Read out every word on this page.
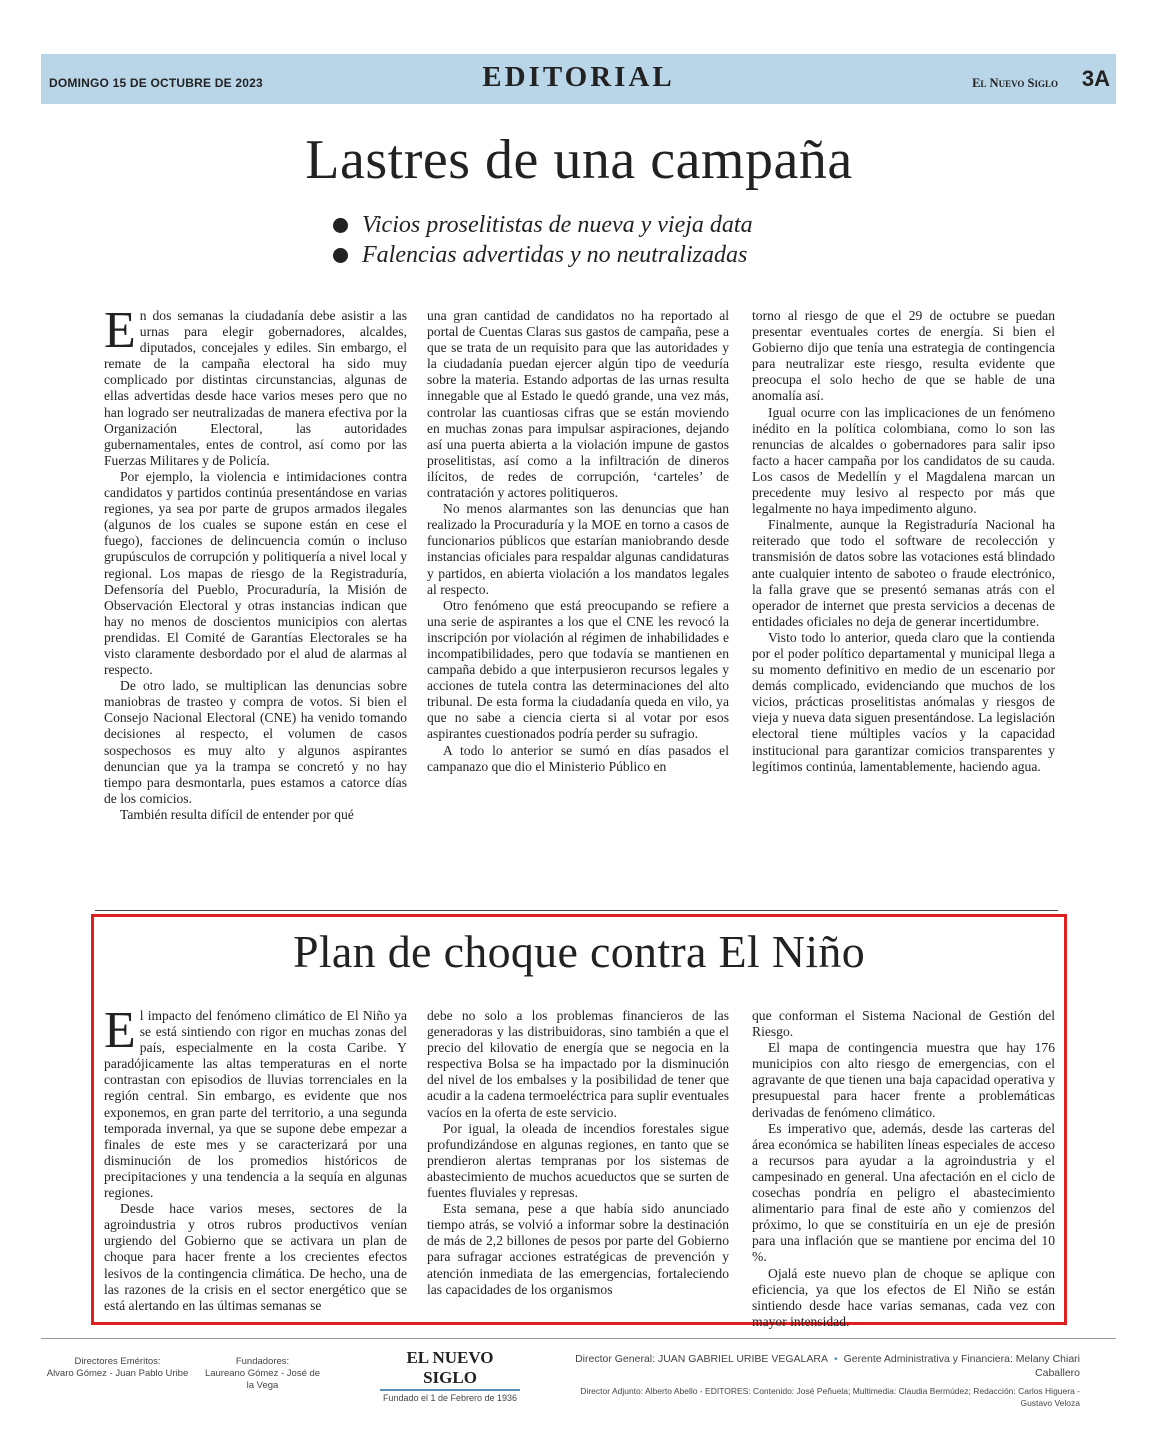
DOMINGO 15 DE OCTUBRE DE 2023	EDITORIAL	El Nuevo Siglo 3A
Lastres de una campaña
Vicios proselitistas de nueva y vieja data
Falencias advertidas y no neutralizadas

En dos semanas la ciudadanía debe asistir a las urnas para elegir gobernadores, alcaldes, diputados, concejales y ediles. Sin embargo, el remate de la campaña electoral ha sido muy complicado por distintas circunstancias, algunas de ellas advertidas desde hace varios meses pero que no han logrado ser neutralizadas de manera efectiva por la Organización Electoral, las autoridades gubernamentales, entes de control, así como por las Fuerzas Militares y de Policía.

Por ejemplo, la violencia e intimidaciones contra candidatos y partidos continúa presentándose en varias regiones, ya sea por parte de grupos armados ilegales (algunos de los cuales se supone están en cese el fuego), facciones de delincuencia común o incluso grupúsculos de corrupción y politiquería a nivel local y regional. Los mapas de riesgo de la Registraduría, Defensoría del Pueblo, Procuraduría, la Misión de Observación Electoral y otras instancias indican que hay no menos de doscientos municipios con alertas prendidas. El Comité de Garantías Electorales se ha visto claramente desbordado por el alud de alarmas al respecto.

De otro lado, se multiplican las denuncias sobre maniobras de trasteo y compra de votos. Si bien el Consejo Nacional Electoral (CNE) ha venido tomando decisiones al respecto, el volumen de casos sospechosos es muy alto y algunos aspirantes denuncian que ya la trampa se concretó y no hay tiempo para desmontarla, pues estamos a catorce días de los comicios.

También resulta difícil de entender por qué

una gran cantidad de candidatos no ha reportado al portal de Cuentas Claras sus gastos de campaña, pese a que se trata de un requisito para que las autoridades y la ciudadanía puedan ejercer algún tipo de veeduría sobre la materia. Estando adportas de las urnas resulta innegable que al Estado le quedó grande, una vez más, controlar las cuantiosas cifras que se están moviendo en muchas zonas para impulsar aspiraciones, dejando así una puerta abierta a la violación impune de gastos proselitistas, así como a la infiltración de dineros ilícitos, de redes de corrupción, ‘carteles’ de contratación y actores politiqueros.

No menos alarmantes son las denuncias que han realizado la Procuraduría y la MOE en torno a casos de funcionarios públicos que estarían maniobrando desde instancias oficiales para respaldar algunas candidaturas y partidos, en abierta violación a los mandatos legales al respecto.

Otro fenómeno que está preocupando se refiere a una serie de aspirantes a los que el CNE les revocó la inscripción por violación al régimen de inhabilidades e incompatibilidades, pero que todavía se mantienen en campaña debido a que interpusieron recursos legales y acciones de tutela contra las determinaciones del alto tribunal. De esta forma la ciudadanía queda en vilo, ya que no sabe a ciencia cierta si al votar por esos aspirantes cuestionados podría perder su sufragio.

A todo lo anterior se sumó en días pasados el campanazo que dio el Ministerio Público en

torno al riesgo de que el 29 de octubre se puedan presentar eventuales cortes de energía. Si bien el Gobierno dijo que tenía una estrategia de contingencia para neutralizar este riesgo, resulta evidente que preocupa el solo hecho de que se hable de una anomalía así.

Igual ocurre con las implicaciones de un fenómeno inédito en la política colombiana, como lo son las renuncias de alcaldes o gobernadores para salir ipso facto a hacer campaña por los candidatos de su cauda. Los casos de Medellín y el Magdalena marcan un precedente muy lesivo al respecto por más que legalmente no haya impedimento alguno.

Finalmente, aunque la Registraduría Nacional ha reiterado que todo el software de recolección y transmisión de datos sobre las votaciones está blindado ante cualquier intento de saboteo o fraude electrónico, la falla grave que se presentó semanas atrás con el operador de internet que presta servicios a decenas de entidades oficiales no deja de generar incertidumbre.

Visto todo lo anterior, queda claro que la contienda por el poder político departamental y municipal llega a su momento definitivo en medio de un escenario por demás complicado, evidenciando que muchos de los vicios, prácticas proselitistas anómalas y riesgos de vieja y nueva data siguen presentándose. La legislación electoral tiene múltiples vacíos y la capacidad institucional para garantizar comicios transparentes y legítimos continúa, lamentablemente, haciendo agua.

Plan de choque contra El Niño

El impacto del fenómeno climático de El Niño ya se está sintiendo con rigor en muchas zonas del país, especialmente en la costa Caribe. Y paradójicamente las altas temperaturas en el norte contrastan con episodios de lluvias torrenciales en la región central. Sin embargo, es evidente que nos exponemos, en gran parte del territorio, a una segunda temporada invernal, ya que se supone debe empezar a finales de este mes y se caracterizará por una disminución de los promedios históricos de precipitaciones y una tendencia a la sequía en algunas regiones.

Desde hace varios meses, sectores de la agroindustria y otros rubros productivos venían urgiendo del Gobierno que se activara un plan de choque para hacer frente a los crecientes efectos lesivos de la contingencia climática. De hecho, una de las razones de la crisis en el sector energético que se está alertando en las últimas semanas se

debe no solo a los problemas financieros de las generadoras y las distribuidoras, sino también a que el precio del kilovatio de energía que se negocia en la respectiva Bolsa se ha impactado por la disminución del nivel de los embalses y la posibilidad de tener que acudir a la cadena termoeléctrica para suplir eventuales vacíos en la oferta de este servicio.

Por igual, la oleada de incendios forestales sigue profundizándose en algunas regiones, en tanto que se prendieron alertas tempranas por los sistemas de abastecimiento de muchos acueductos que se surten de fuentes fluviales y represas.

Esta semana, pese a que había sido anunciado tiempo atrás, se volvió a informar sobre la destinación de más de 2,2 billones de pesos por parte del Gobierno para sufragar acciones estratégicas de prevención y atención inmediata de las emergencias, fortaleciendo las capacidades de los organismos

que conforman el Sistema Nacional de Gestión del Riesgo.

El mapa de contingencia muestra que hay 176 municipios con alto riesgo de emergencias, con el agravante de que tienen una baja capacidad operativa y presupuestal para hacer frente a problemáticas derivadas de fenómeno climático.

Es imperativo que, además, desde las carteras del área económica se habiliten líneas especiales de acceso a recursos para ayudar a la agroindustria y el campesinado en general. Una afectación en el ciclo de cosechas pondría en peligro el abastecimiento alimentario para final de este año y comienzos del próximo, lo que se constituiría en un eje de presión para una inflación que se mantiene por encima del 10 %.

Ojalá este nuevo plan de choque se aplique con eficiencia, ya que los efectos de El Niño se están sintiendo desde hace varias semanas, cada vez con mayor intensidad.

Directores Eméritos:
Alvaro Gómez - Juan Pablo Uribe
Fundadores:
Laureano Gómez - José de la Vega
EL NUEVO SIGLO
Fundado el 1 de Febrero de 1936
Director General: JUAN GABRIEL URIBE VEGALARA • Gerente Administrativa y Financiera: Melany Chiari Caballero
Director Adjunto: Alberto Abello - EDITORES: Contenido: José Peñuela; Multimedia: Claudia Bermúdez; Redacción: Carlos Higuera - Gustavo Veloza
